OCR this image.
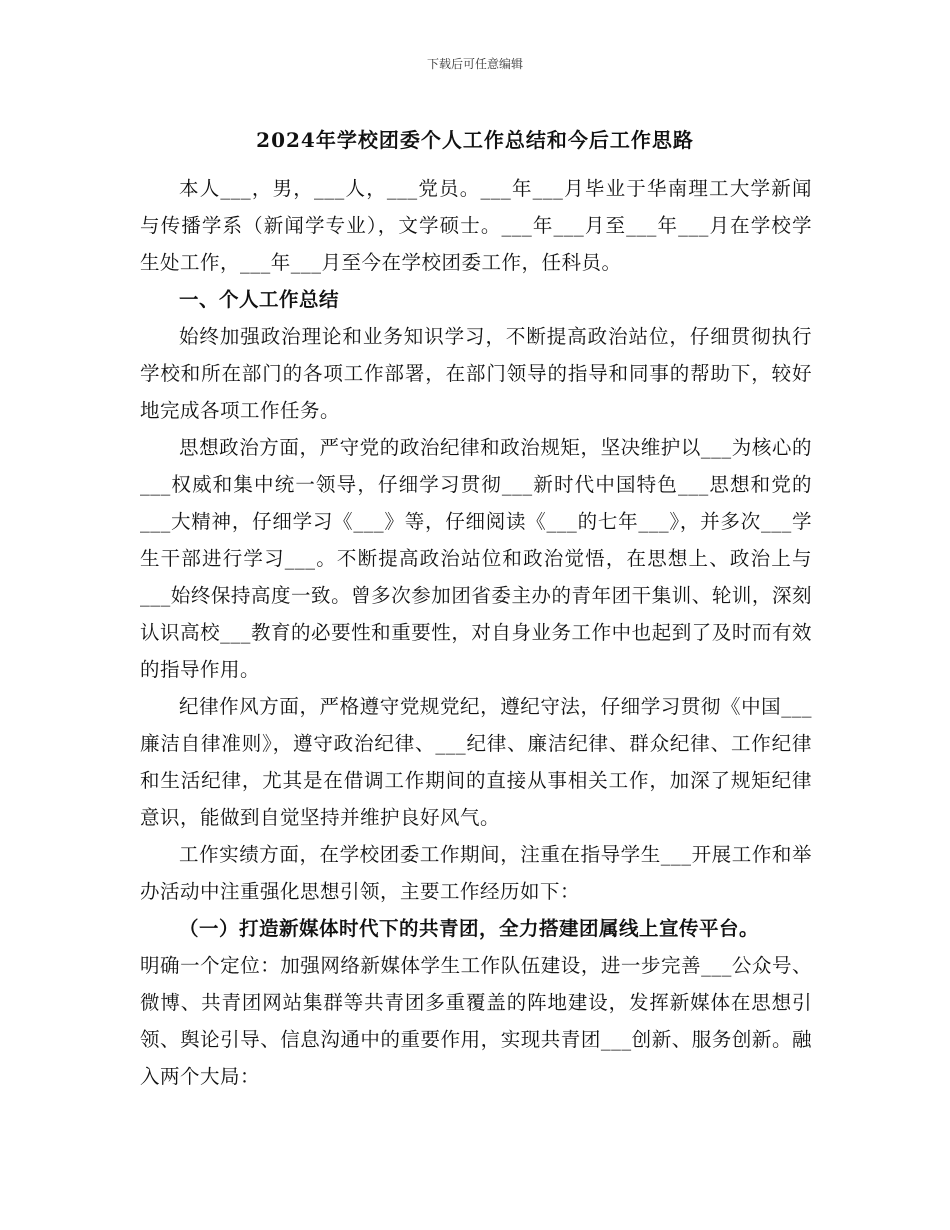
下载后可任意编辑
2024年学校团委个人工作总结和今后工作思路

本人___，男，___人，___党员。___年___月毕业于华南理工大学新闻与传播学系（新闻学专业），文学硕士。___年___月至___年___月在学校学生处工作，___年___月至今在学校团委工作，任科员。

一、个人工作总结

始终加强政治理论和业务知识学习，不断提高政治站位，仔细贯彻执行学校和所在部门的各项工作部署，在部门领导的指导和同事的帮助下，较好地完成各项工作任务。

思想政治方面，严守党的政治纪律和政治规矩，坚决维护以___为核心的___权威和集中统一领导，仔细学习贯彻___新时代中国特色___思想和党的___大精神，仔细学习《___》等，仔细阅读《___的七年___》，并多次___学生干部进行学习___。不断提高政治站位和政治觉悟，在思想上、政治上与___始终保持高度一致。曾多次参加团省委主办的青年团干集训、轮训，深刻认识高校___教育的必要性和重要性，对自身业务工作中也起到了及时而有效的指导作用。

纪律作风方面，严格遵守党规党纪，遵纪守法，仔细学习贯彻《中国___廉洁自律准则》，遵守政治纪律、___纪律、廉洁纪律、群众纪律、工作纪律和生活纪律，尤其是在借调工作期间的直接从事相关工作，加深了规矩纪律意识，能做到自觉坚持并维护良好风气。

工作实绩方面，在学校团委工作期间，注重在指导学生___开展工作和举办活动中注重强化思想引领，主要工作经历如下：

（一）打造新媒体时代下的共青团，全力搭建团属线上宣传平台。

明确一个定位：加强网络新媒体学生工作队伍建设，进一步完善___公众号、微博、共青团网站集群等共青团多重覆盖的阵地建设，发挥新媒体在思想引领、舆论引导、信息沟通中的重要作用，实现共青团___创新、服务创新。融入两个大局：
